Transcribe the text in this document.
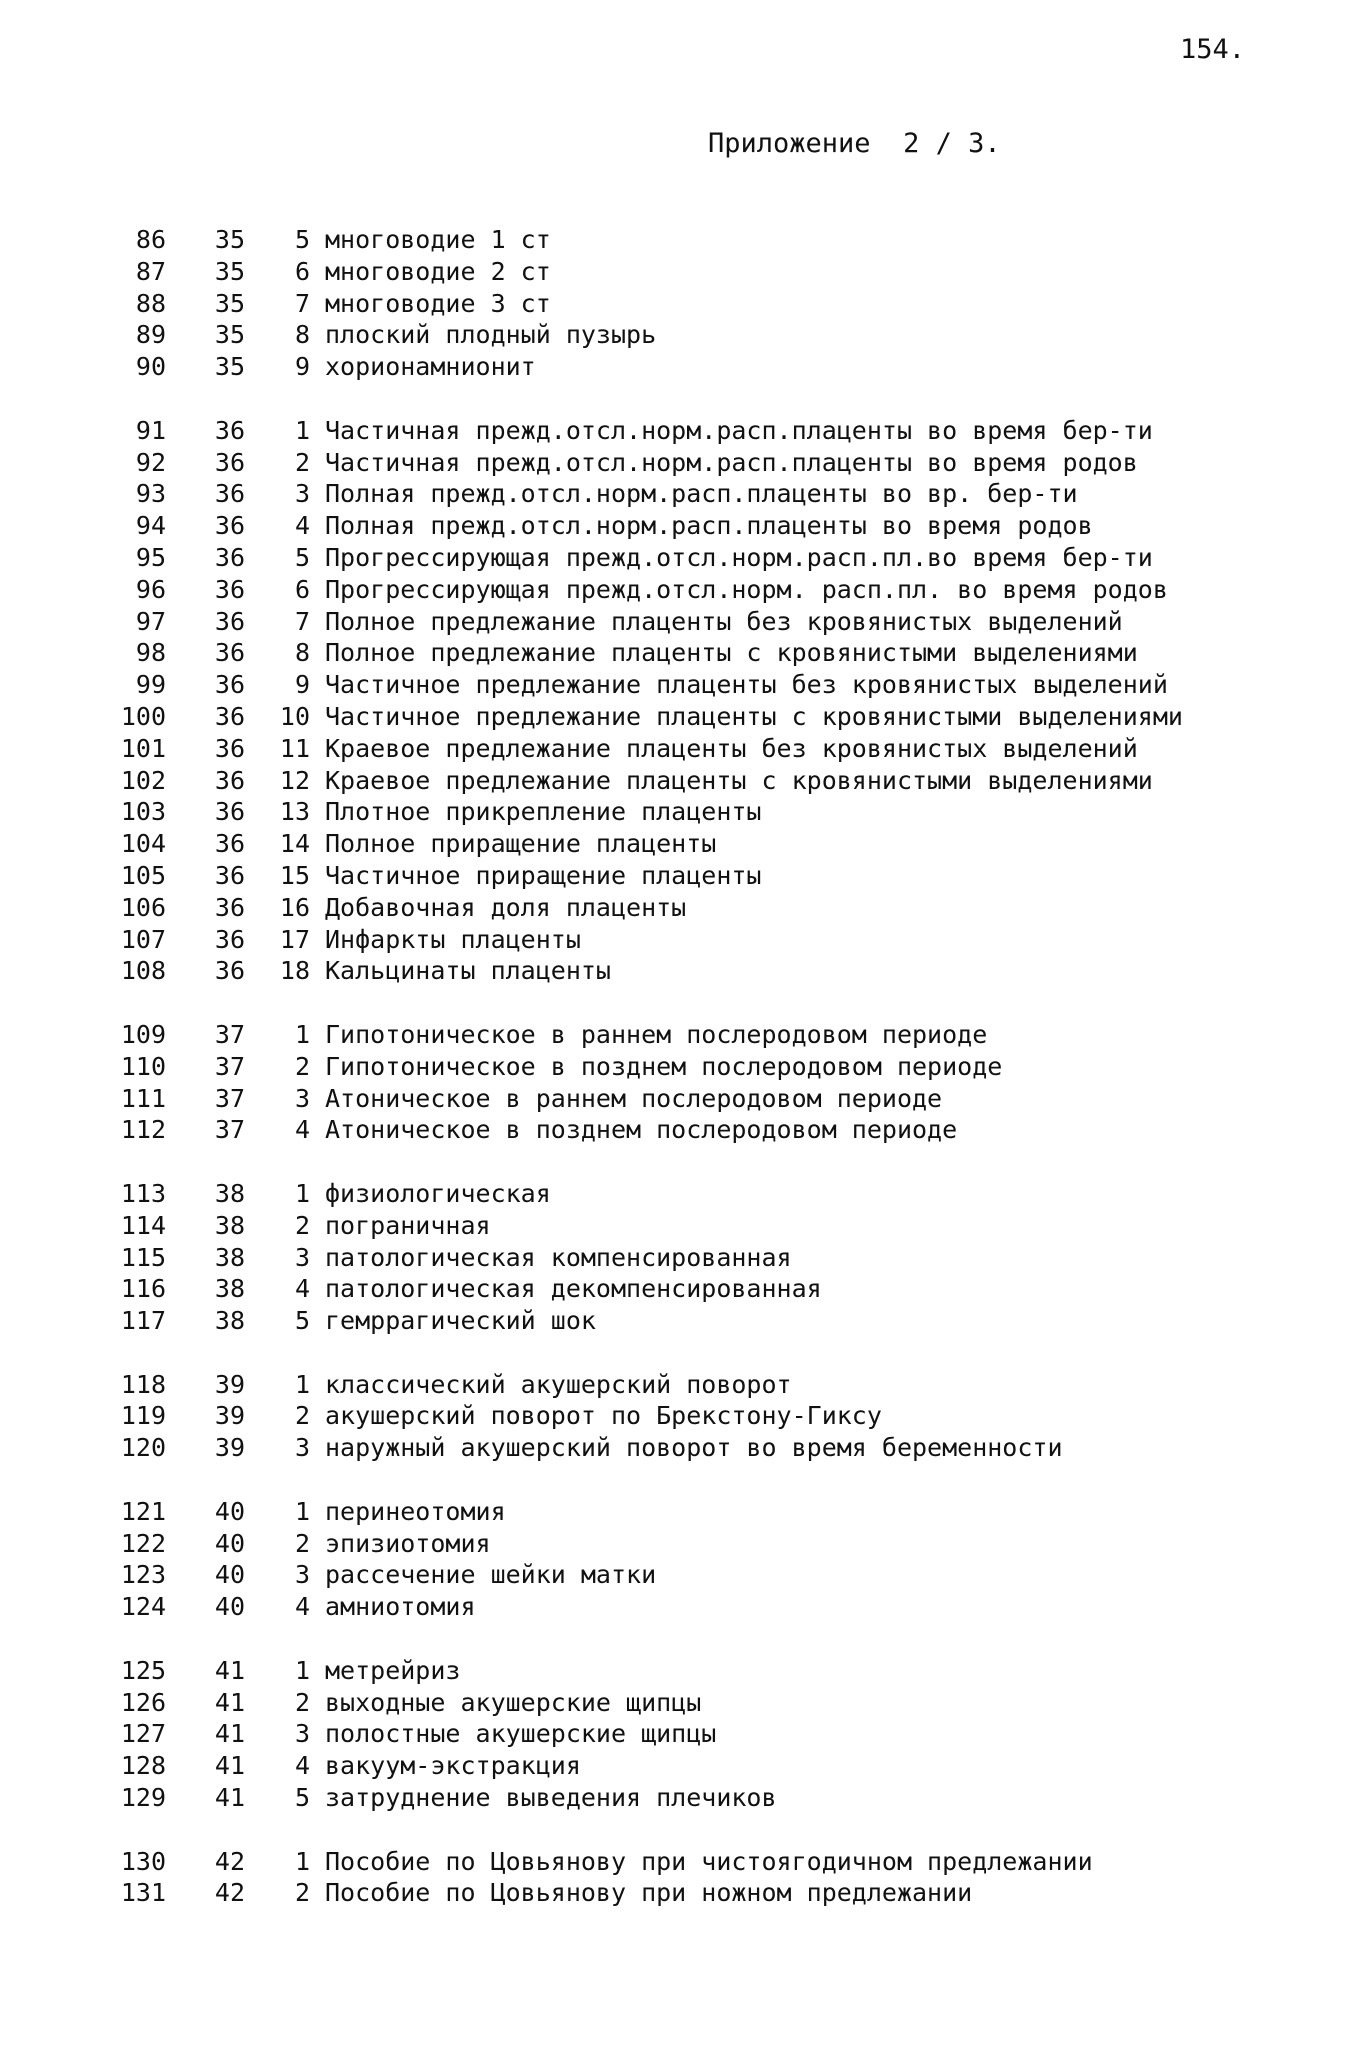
154.
Приложение  2 / 3.
86 35 5 многоводие 1 ст
87 35 6 многоводие 2 ст
88 35 7 многоводие 3 ст
89 35 8 плоский плодный пузырь
90 35 9 хорионамнионит
91 36 1 Частичная прежд.отсл.норм.расп.плаценты во время бер-ти
92 36 2 Частичная прежд.отсл.норм.расп.плаценты во время родов
93 36 3 Полная прежд.отсл.норм.расп.плаценты во вр. бер-ти
94 36 4 Полная прежд.отсл.норм.расп.плаценты во время родов
95 36 5 Прогрессирующая прежд.отсл.норм.расп.пл.во время бер-ти
96 36 6 Прогрессирующая прежд.отсл.норм. расп.пл. во время родов
97 36 7 Полное предлежание плаценты без кровянистых выделений
98 36 8 Полное предлежание плаценты с кровянистыми выделениями
99 36 9 Частичное предлежание плаценты без кровянистых выделений
100 36 10 Частичное предлежание плаценты с кровянистыми выделениями
101 36 11 Краевое предлежание плаценты без кровянистых выделений
102 36 12 Краевое предлежание плаценты с кровянистыми выделениями
103 36 13 Плотное прикрепление плаценты
104 36 14 Полное приращение плаценты
105 36 15 Частичное приращение плаценты
106 36 16 Добавочная доля плаценты
107 36 17 Инфаркты плаценты
108 36 18 Кальцинаты плаценты
109 37 1 Гипотоническое в раннем послеродовом периоде
110 37 2 Гипотоническое в позднем послеродовом периоде
111 37 3 Атоническое в раннем послеродовом периоде
112 37 4 Атоническое в позднем послеродовом периоде
113 38 1 физиологическая
114 38 2 пограничная
115 38 3 патологическая компенсированная
116 38 4 патологическая декомпенсированная
117 38 5 гемррагический шок
118 39 1 классический акушерский поворот
119 39 2 акушерский поворот по Брекстону-Гиксу
120 39 3 наружный акушерский поворот во время беременности
121 40 1 перинеотомия
122 40 2 эпизиотомия
123 40 3 рассечение шейки матки
124 40 4 амниотомия
125 41 1 метрейриз
126 41 2 выходные акушерские щипцы
127 41 3 полостные акушерские щипцы
128 41 4 вакуум-экстракция
129 41 5 затруднение выведения плечиков
130 42 1 Пособие по Цовьянову при чистоягодичном предлежании
131 42 2 Пособие по Цовьянову при ножном предлежании
